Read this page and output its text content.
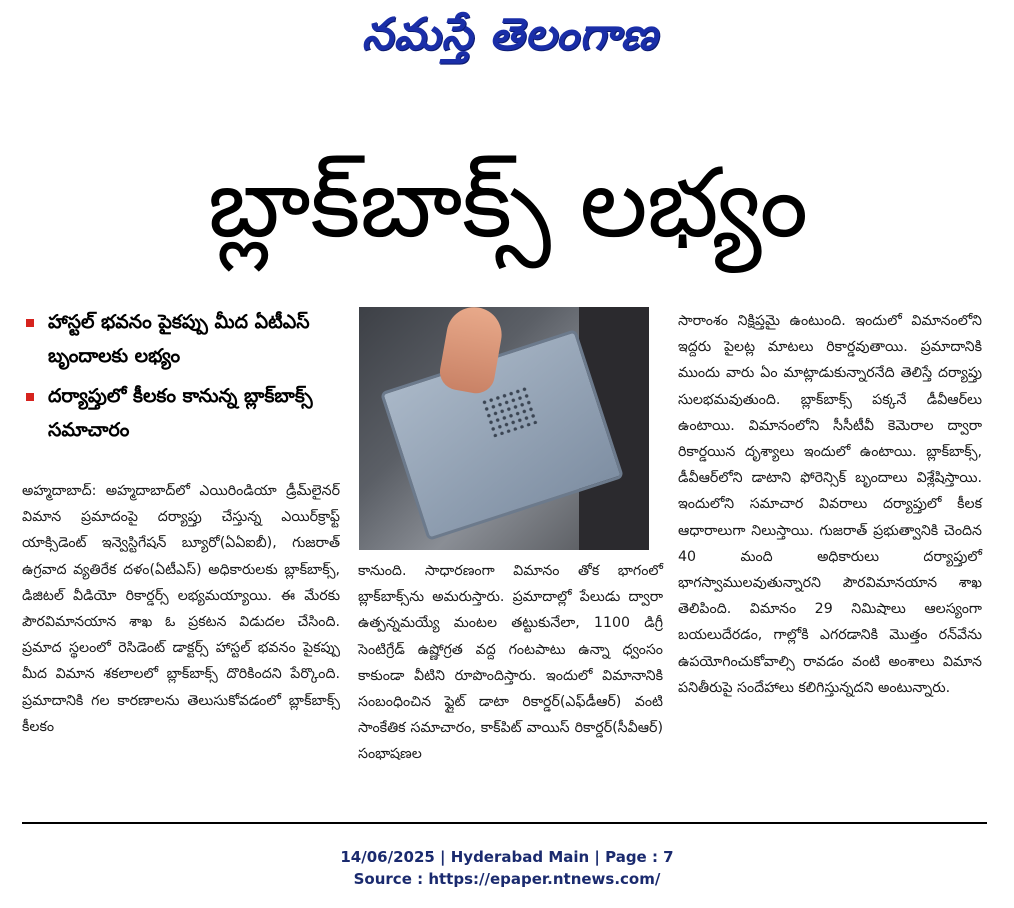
నమస్తే తెలంగాణ
బ్లాక్‌బాక్స్ లభ్యం
హాస్టల్ భవనం పైకప్పు మీద ఏటీఎస్ బృందాలకు లభ్యం
దర్యాప్తులో కీలకం కానున్న బ్లాక్‌బాక్స్ సమాచారం

అహ్మదాబాద్: అహ్మదాబాద్‌లో ఎయిరిండియా డ్రీమ్‌లైనర్ విమాన ప్రమాదంపై దర్యాప్తు చేస్తున్న ఎయిర్‌క్రాఫ్ట్ యాక్సిడెంట్ ఇన్వెస్టిగేషన్ బ్యూరో(ఏఏఐబీ), గుజరాత్ ఉగ్రవాద వ్యతిరేక దళం(ఏటీఎస్) అధికారులకు బ్లాక్‌బాక్స్, డిజిటల్ వీడియో రికార్డర్స్ లభ్యమయ్యాయి. ఈ మేరకు పౌరవిమానయాన శాఖ ఓ ప్రకటన విడుదల చేసింది. ప్రమాద స్థలంలో రెసిడెంట్ డాక్టర్స్ హాస్టల్ భవనం పైకప్పు మీద విమాన శకలాలలో బ్లాక్‌బాక్స్ దొరికిందని పేర్కొంది. ప్రమాదానికి గల కారణాలను తెలుసుకోవడంలో బ్లాక్‌బాక్స్ కీలకం

కానుంది. సాధారణంగా విమానం తోక భాగంలో బ్లాక్‌బాక్స్‌ను అమరుస్తారు. ప్రమాదాల్లో పేలుడు ద్వారా ఉత్పన్నమయ్యే మంటల తట్టుకునేలా, 1100 డిగ్రీ సెంటిగ్రేడ్ ఉష్ణోగ్రత వద్ద గంటపాటు ఉన్నా ధ్వంసం కాకుండా వీటిని రూపొందిస్తారు. ఇందులో విమానానికి సంబంధించిన ఫ్లైట్ డాటా రికార్డర్(ఎఫ్‌డీఆర్) వంటి సాంకేతిక సమాచారం, కాక్‌పిట్ వాయిస్ రికార్డర్(సీవీఆర్) సంభాషణల

సారాంశం నిక్షిప్తమై ఉంటుంది. ఇందులో విమానంలోని ఇద్దరు పైలట్ల మాటలు రికార్డవుతాయి. ప్రమాదానికి ముందు వారు ఏం మాట్లాడుకున్నారనేది తెలిస్తే దర్యాప్తు సులభమవుతుంది. బ్లాక్‌బాక్స్ పక్కనే డీవీఆర్‌లు ఉంటాయి. విమానంలోని సీసీటీవీ కెమెరాల ద్వారా రికార్డయిన దృశ్యాలు ఇందులో ఉంటాయి. బ్లాక్‌బాక్స్, డీవీఆర్‌లోని డాటాని ఫోరెన్సిక్ బృందాలు విశ్లేషిస్తాయి. ఇందులోని సమాచార వివరాలు దర్యాప్తులో కీలక ఆధారాలుగా నిలుస్తాయి. గుజరాత్ ప్రభుత్వానికి చెందిన 40 మంది అధికారులు దర్యాప్తులో భాగస్వాములవుతున్నారని పౌరవిమానయాన శాఖ తెలిపింది. విమానం 29 నిమిషాలు ఆలస్యంగా బయలుదేరడం, గాల్లోకి ఎగరడానికి మొత్తం రన్‌వేను ఉపయోగించుకోవాల్సి రావడం వంటి అంశాలు విమాన పనితీరుపై సందేహాలు కలిగిస్తున్నదని అంటున్నారు.

14/06/2025 | Hyderabad Main | Page : 7
Source : https://epaper.ntnews.com/
